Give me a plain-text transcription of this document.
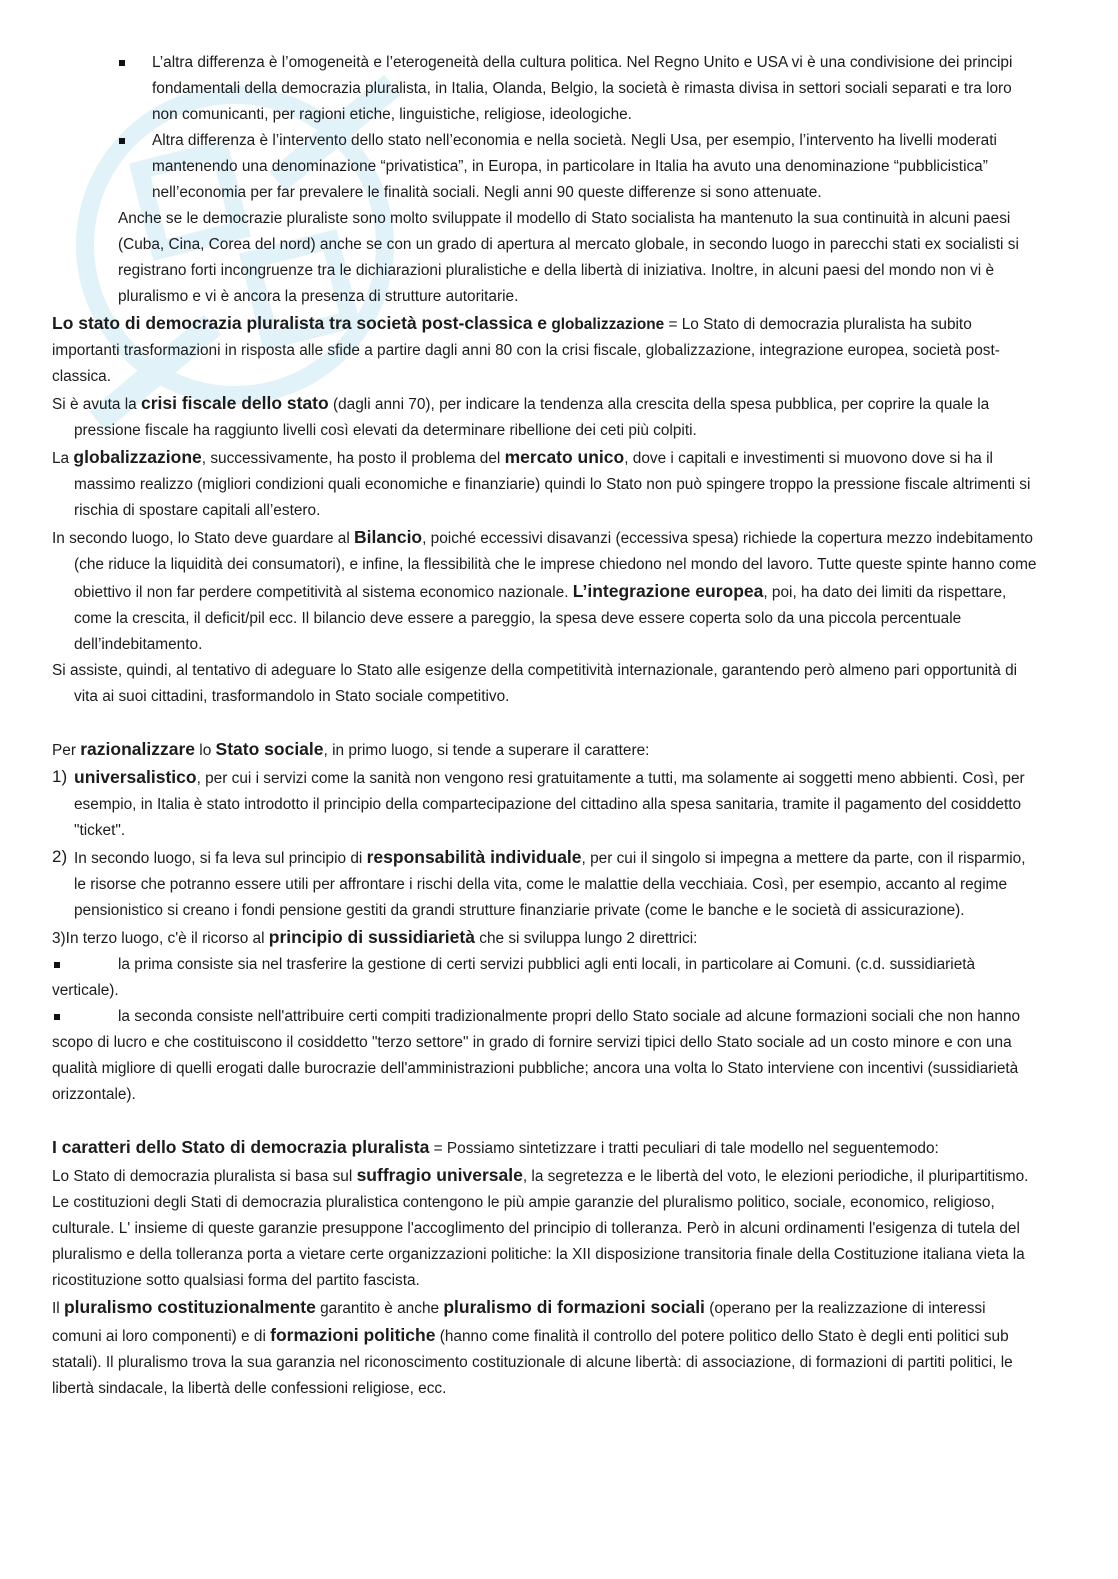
L’altra differenza è l’omogeneità e l’eterogeneità della cultura politica. Nel Regno Unito e USA vi è una condivisione dei principi fondamentali della democrazia pluralista, in Italia, Olanda, Belgio, la società è rimasta divisa in settori sociali separati e tra loro non comunicanti, per ragioni etiche, linguistiche, religiose, ideologiche.

Altra differenza è l’intervento dello stato nell’economia e nella società. Negli Usa, per esempio, l’intervento ha livelli moderati mantenendo una denominazione “privatistica”, in Europa, in particolare in Italia ha avuto una denominazione “pubblicistica” nell’economia per far prevalere le finalità sociali. Negli anni 90 queste differenze si sono attenuate.

Anche se le democrazie pluraliste sono molto sviluppate il modello di Stato socialista ha mantenuto la sua continuità in alcuni paesi (Cuba, Cina, Corea del nord) anche se con un grado di apertura al mercato globale, in secondo luogo in parecchi stati ex socialisti si registrano forti incongruenze tra le dichiarazioni pluralistiche e della libertà di iniziativa. Inoltre, in alcuni paesi del mondo non vi è pluralismo e vi è ancora la presenza di strutture autoritarie.

Lo stato di democrazia pluralista tra società post-classica e globalizzazione = Lo Stato di democrazia pluralista ha subito importanti trasformazioni in risposta alle sfide a partire dagli anni 80 con la crisi fiscale, globalizzazione, integrazione europea, società post-classica.

Si è avuta la crisi fiscale dello stato (dagli anni 70), per indicare la tendenza alla crescita della spesa pubblica, per coprire la quale la pressione fiscale ha raggiunto livelli così elevati da determinare ribellione dei ceti più colpiti.

La globalizzazione, successivamente, ha posto il problema del mercato unico, dove i capitali e investimenti si muovono dove si ha il massimo realizzo (migliori condizioni quali economiche e finanziarie) quindi lo Stato non può spingere troppo la pressione fiscale altrimenti si rischia di spostare capitali all’estero.

In secondo luogo, lo Stato deve guardare al Bilancio, poiché eccessivi disavanzi (eccessiva spesa) richiede la copertura mezzo indebitamento (che riduce la liquidità dei consumatori), e infine, la flessibilità che le imprese chiedono nel mondo del lavoro. Tutte queste spinte hanno come obiettivo il non far perdere competitività al sistema economico nazionale. L’integrazione europea, poi, ha dato dei limiti da rispettare, come la crescita, il deficit/pil ecc. Il bilancio deve essere a pareggio, la spesa deve essere coperta solo da una piccola percentuale dell’indebitamento.

Si assiste, quindi, al tentativo di adeguare lo Stato alle esigenze della competitività internazionale, garantendo però almeno pari opportunità di vita ai suoi cittadini, trasformandolo in Stato sociale competitivo.

Per razionalizzare lo Stato sociale, in primo luogo, si tende a superare il carattere:

1) universalistico, per cui i servizi come la sanità non vengono resi gratuitamente a tutti, ma solamente ai soggetti meno abbienti. Così, per esempio, in Italia è stato introdotto il principio della compartecipazione del cittadino alla spesa sanitaria, tramite il pagamento del cosiddetto "ticket".

2) In secondo luogo, si fa leva sul principio di responsabilità individuale, per cui il singolo si impegna a mettere da parte, con il risparmio, le risorse che potranno essere utili per affrontare i rischi della vita, come le malattie della vecchiaia. Così, per esempio, accanto al regime pensionistico si creano i fondi pensione gestiti da grandi strutture finanziarie private (come le banche e le società di assicurazione).

3)In terzo luogo, c'è il ricorso al principio di sussidiarietà che si sviluppa lungo 2 direttrici:

la prima consiste sia nel trasferire la gestione di certi servizi pubblici agli enti locali, in particolare ai Comuni. (c.d. sussidiarietà verticale).

la seconda consiste nell'attribuire certi compiti tradizionalmente propri dello Stato sociale ad alcune formazioni sociali che non hanno scopo di lucro e che costituiscono il cosiddetto "terzo settore" in grado di fornire servizi tipici dello Stato sociale ad un costo minore e con una qualità migliore di quelli erogati dalle burocrazie dell'amministrazioni pubbliche; ancora una volta lo Stato interviene con incentivi (sussidiarietà orizzontale).

I caratteri dello Stato di democrazia pluralista = Possiamo sintetizzare i tratti peculiari di tale modello nel seguentemodo:

Lo Stato di democrazia pluralista si basa sul suffragio universale, la segretezza e le libertà del voto, le elezioni periodiche, il pluripartitismo. Le costituzioni degli Stati di democrazia pluralistica contengono le più ampie garanzie del pluralismo politico, sociale, economico, religioso, culturale. L' insieme di queste garanzie presuppone l'accoglimento del principio di tolleranza. Però in alcuni ordinamenti l'esigenza di tutela del pluralismo e della tolleranza porta a vietare certe organizzazioni politiche: la XII disposizione transitoria finale della Costituzione italiana vieta la ricostituzione sotto qualsiasi forma del partito fascista.

Il pluralismo costituzionalmente garantito è anche pluralismo di formazioni sociali (operano per la realizzazione di interessi comuni ai loro componenti) e di formazioni politiche (hanno come finalità il controllo del potere politico dello Stato è degli enti politici sub statali). Il pluralismo trova la sua garanzia nel riconoscimento costituzionale di alcune libertà: di associazione, di formazioni di partiti politici, le libertà sindacale, la libertà delle confessioni religiose, ecc.
